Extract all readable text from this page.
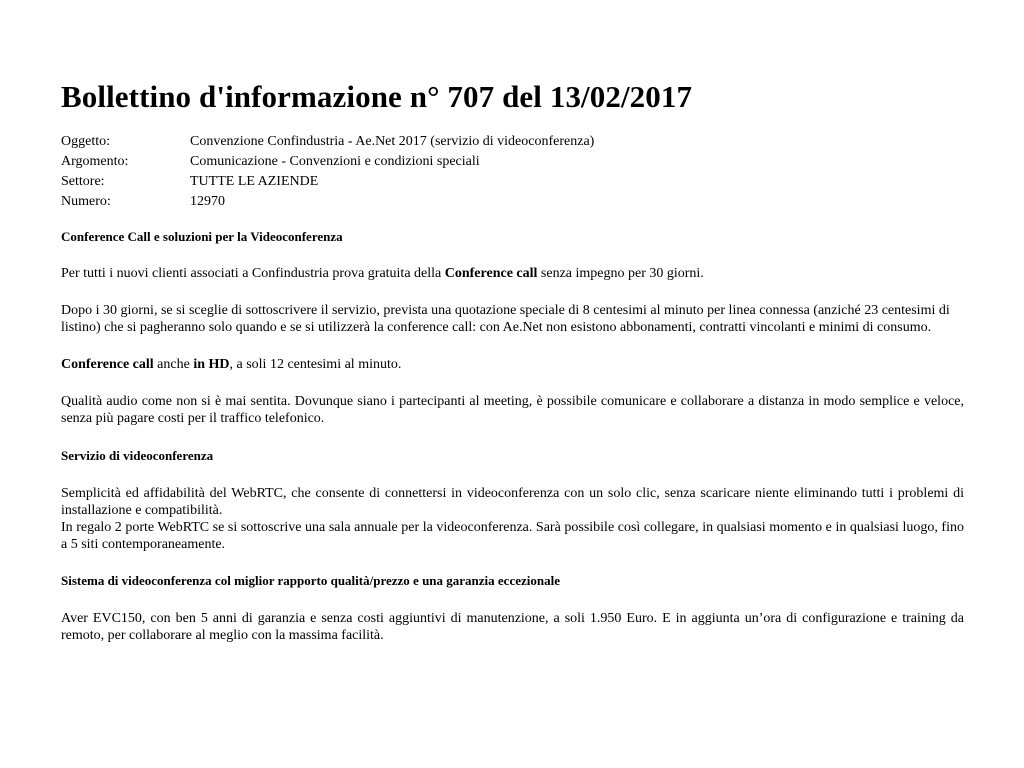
Bollettino d'informazione n° 707 del 13/02/2017
Oggetto:	Convenzione Confindustria - Ae.Net 2017 (servizio di videoconferenza)
Argomento:	Comunicazione - Convenzioni e condizioni speciali
Settore:	TUTTE LE AZIENDE
Numero:	12970

Conference Call e soluzioni per la Videoconferenza

Per tutti i nuovi clienti associati a Confindustria prova gratuita della Conference call senza impegno per 30 giorni.

Dopo i 30 giorni, se si sceglie di sottoscrivere il servizio, prevista una quotazione speciale di 8 centesimi al minuto per linea connessa (anziché 23 centesimi di listino) che si pagheranno solo quando e se si utilizzerà la conference call: con Ae.Net non esistono abbonamenti, contratti vincolanti e minimi di consumo.

Conference call anche in HD, a soli 12 centesimi al minuto.

Qualità audio come non si è mai sentita. Dovunque siano i partecipanti al meeting, è possibile comunicare e collaborare a distanza in modo semplice e veloce, senza più pagare costi per il traffico telefonico.

Servizio di videoconferenza

Semplicità ed affidabilità del WebRTC, che consente di connettersi in videoconferenza con un solo clic, senza scaricare niente eliminando tutti i problemi di installazione e compatibilità.

In regalo 2 porte WebRTC se si sottoscrive una sala annuale per la videoconferenza. Sarà possibile così collegare, in qualsiasi momento e in qualsiasi luogo, fino a 5 siti contemporaneamente.

Sistema di videoconferenza col miglior rapporto qualità/prezzo e una garanzia eccezionale

Aver EVC150, con ben 5 anni di garanzia e senza costi aggiuntivi di manutenzione, a soli 1.950 Euro. E in aggiunta un’ora di configurazione e training da remoto, per collaborare al meglio con la massima facilità.
